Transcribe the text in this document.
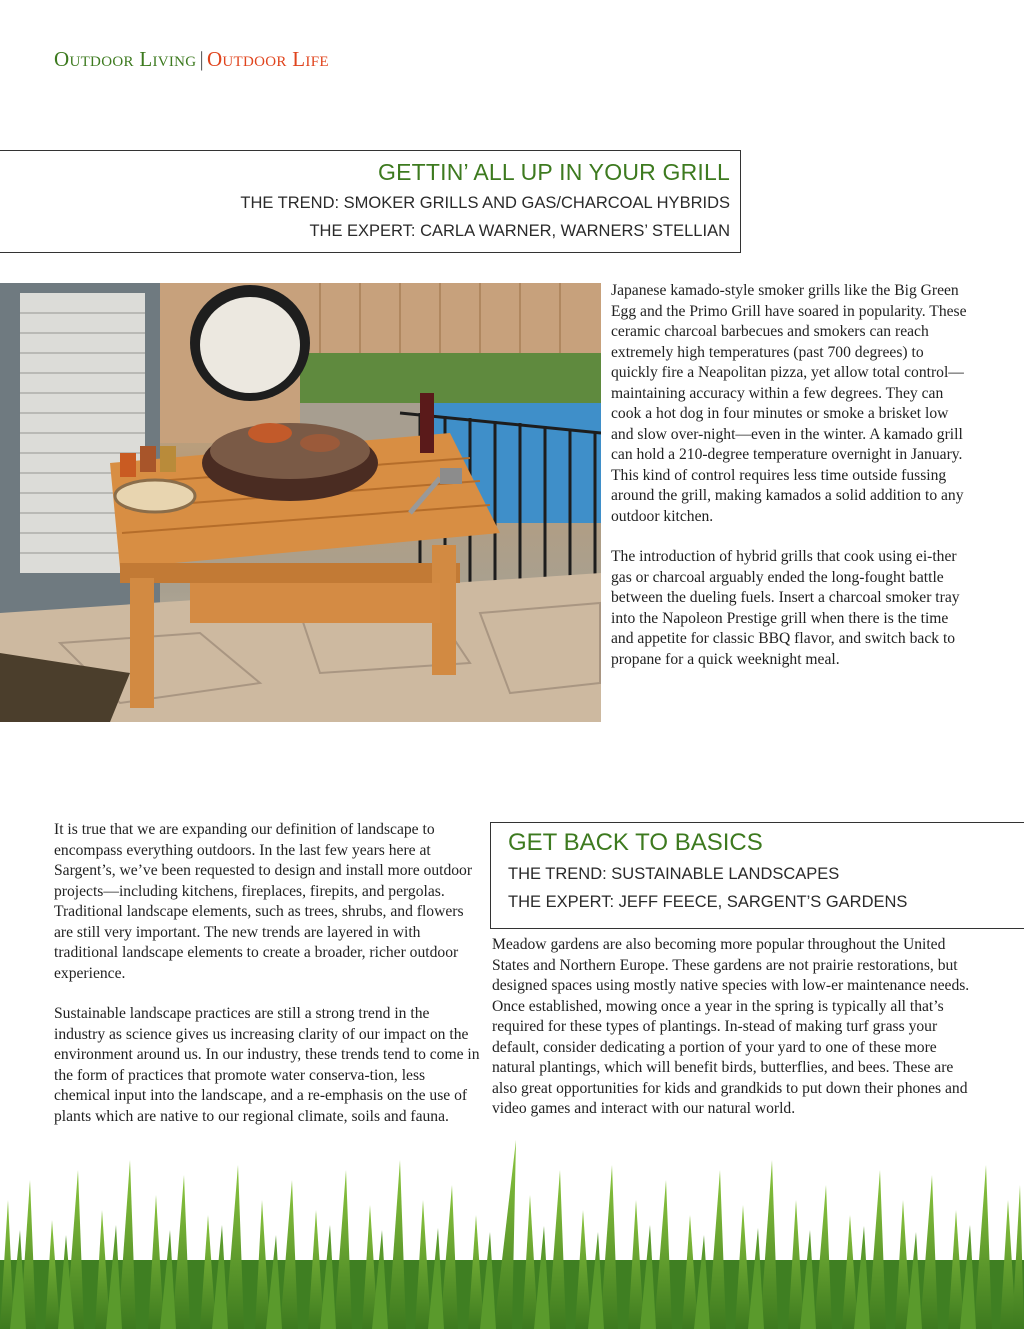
Outdoor Living | Outdoor Life
GETTIN’ ALL UP IN YOUR GRILL
THE TREND: SMOKER GRILLS AND GAS/CHARCOAL HYBRIDS
THE EXPERT: CARLA WARNER, WARNERS’ STELLIAN

Japanese kamado-style smoker grills like the Big Green Egg and the Primo Grill have soared in popularity. These ceramic charcoal barbecues and smokers can reach extremely high temperatures (past 700 degrees) to quickly fire a Neapolitan pizza, yet allow total control—maintaining accuracy within a few degrees. They can cook a hot dog in four minutes or smoke a brisket low and slow over-night—even in the winter. A kamado grill can hold a 210-degree temperature overnight in January. This kind of control requires less time outside fussing around the grill, making kamados a solid addition to any outdoor kitchen.

The introduction of hybrid grills that cook using ei-ther gas or charcoal arguably ended the long-fought battle between the dueling fuels. Insert a charcoal smoker tray into the Napoleon Prestige grill when there is the time and appetite for classic BBQ flavor, and switch back to propane for a quick weeknight meal.

It is true that we are expanding our definition of landscape to encompass everything outdoors. In the last few years here at Sargent’s, we’ve been requested to design and install more outdoor projects—including kitchens, fireplaces, firepits, and pergolas. Traditional landscape elements, such as trees, shrubs, and flowers are still very important. The new trends are layered in with traditional landscape elements to create a broader, richer outdoor experience.

Sustainable landscape practices are still a strong trend in the industry as science gives us increasing clarity of our impact on the environment around us. In our industry, these trends tend to come in the form of practices that promote water conserva-tion, less chemical input into the landscape, and a re-emphasis on the use of plants which are native to our regional climate, soils and fauna.

GET BACK TO BASICS
THE TREND: SUSTAINABLE LANDSCAPES
THE EXPERT: JEFF FEECE, SARGENT’S GARDENS

Meadow gardens are also becoming more popular throughout the United States and Northern Europe. These gardens are not prairie restorations, but designed spaces using mostly native species with low-er maintenance needs. Once established, mowing once a year in the spring is typically all that’s required for these types of plantings. In-stead of making turf grass your default, consider dedicating a portion of your yard to one of these more natural plantings, which will benefit birds, butterflies, and bees. These are also great opportunities for kids and grandkids to put down their phones and video games and interact with our natural world.
